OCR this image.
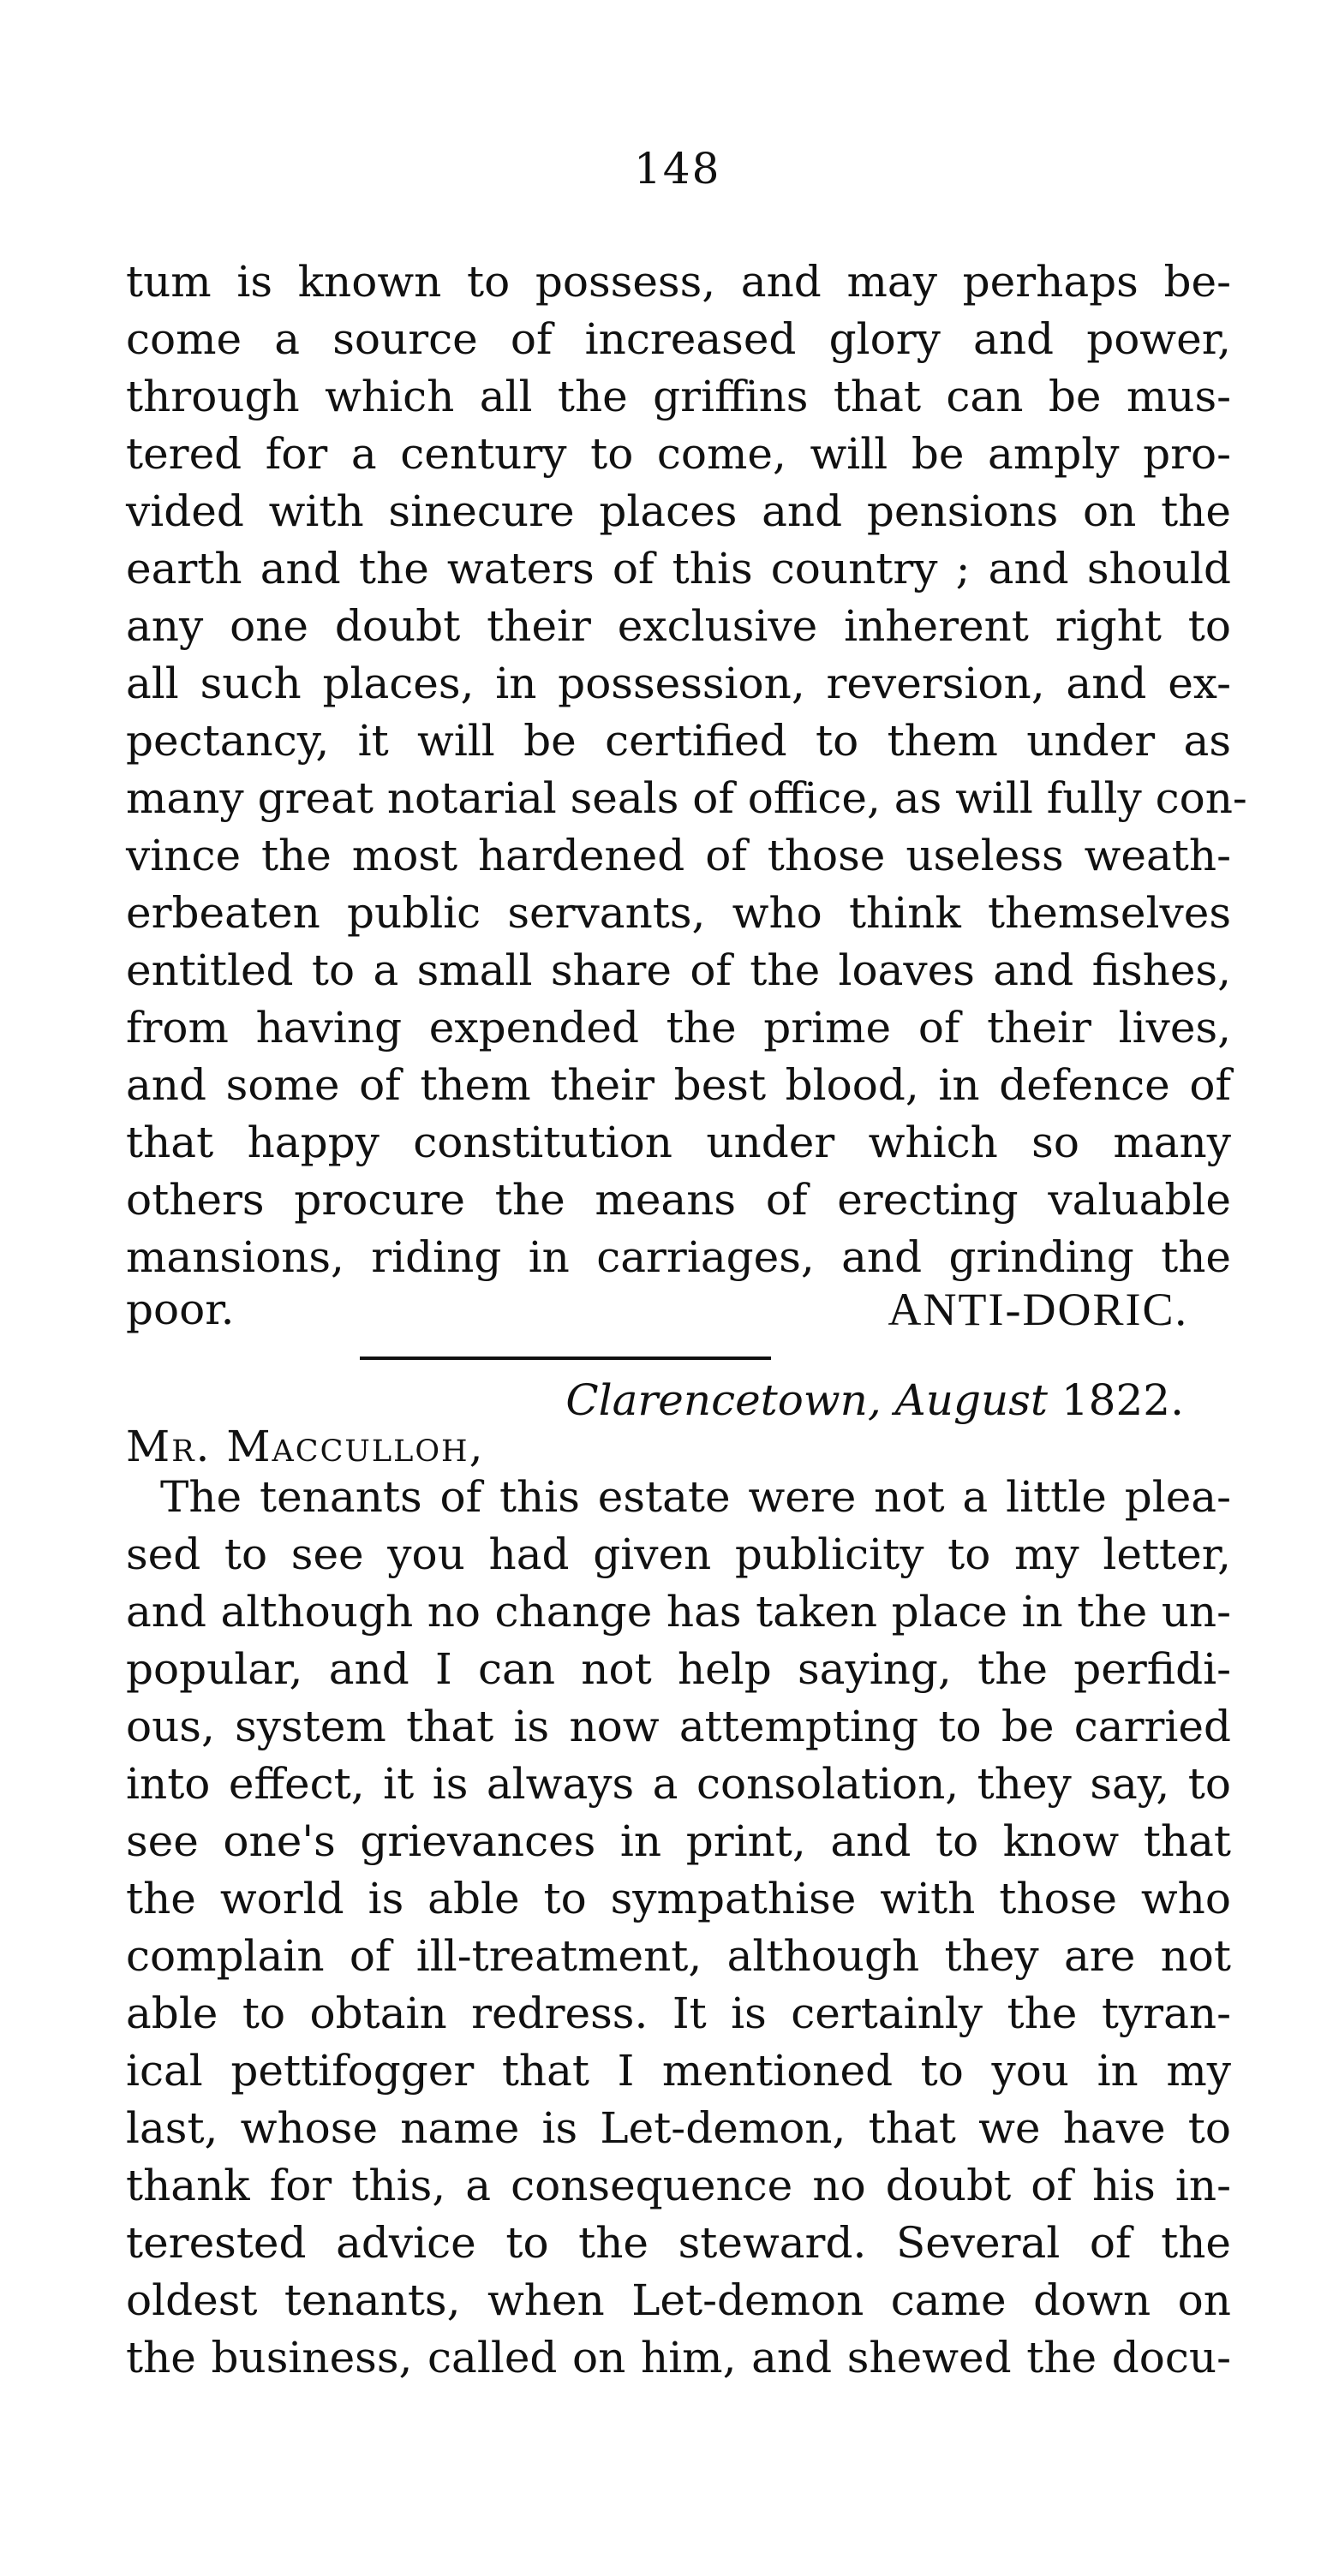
148
tum is known to possess, and may perhaps be-
come a source of increased glory and power,
through which all the griffins that can be mus-
tered for a century to come, will be amply pro-
vided with sinecure places and pensions on the
earth and the waters of this country ; and should
any one doubt their exclusive inherent right to
all such places, in possession, reversion, and ex-
pectancy, it will be certified to them under as
many great notarial seals of office, as will fully con-
vince the most hardened of those useless weath-
erbeaten public servants, who think themselves
entitled to a small share of the loaves and fishes,
from having expended the prime of their lives,
and some of them their best blood, in defence of
that happy constitution under which so many
others procure the means of erecting valuable
mansions, riding in carriages, and grinding the
poor.	ANTI-DORIC.
Clarencetown, August 1822.
Mr. Macculloh,
The tenants of this estate were not a little plea-
sed to see you had given publicity to my letter,
and although no change has taken place in the un-
popular, and I can not help saying, the perfidi-
ous, system that is now attempting to be carried
into effect, it is always a consolation, they say, to
see one's grievances in print, and to know that
the world is able to sympathise with those who
complain of ill-treatment, although they are not
able to obtain redress. It is certainly the tyran-
ical pettifogger that I mentioned to you in my
last, whose name is Let-demon, that we have to
thank for this, a consequence no doubt of his in-
terested advice to the steward. Several of the
oldest tenants, when Let-demon came down on
the business, called on him, and shewed the docu-
